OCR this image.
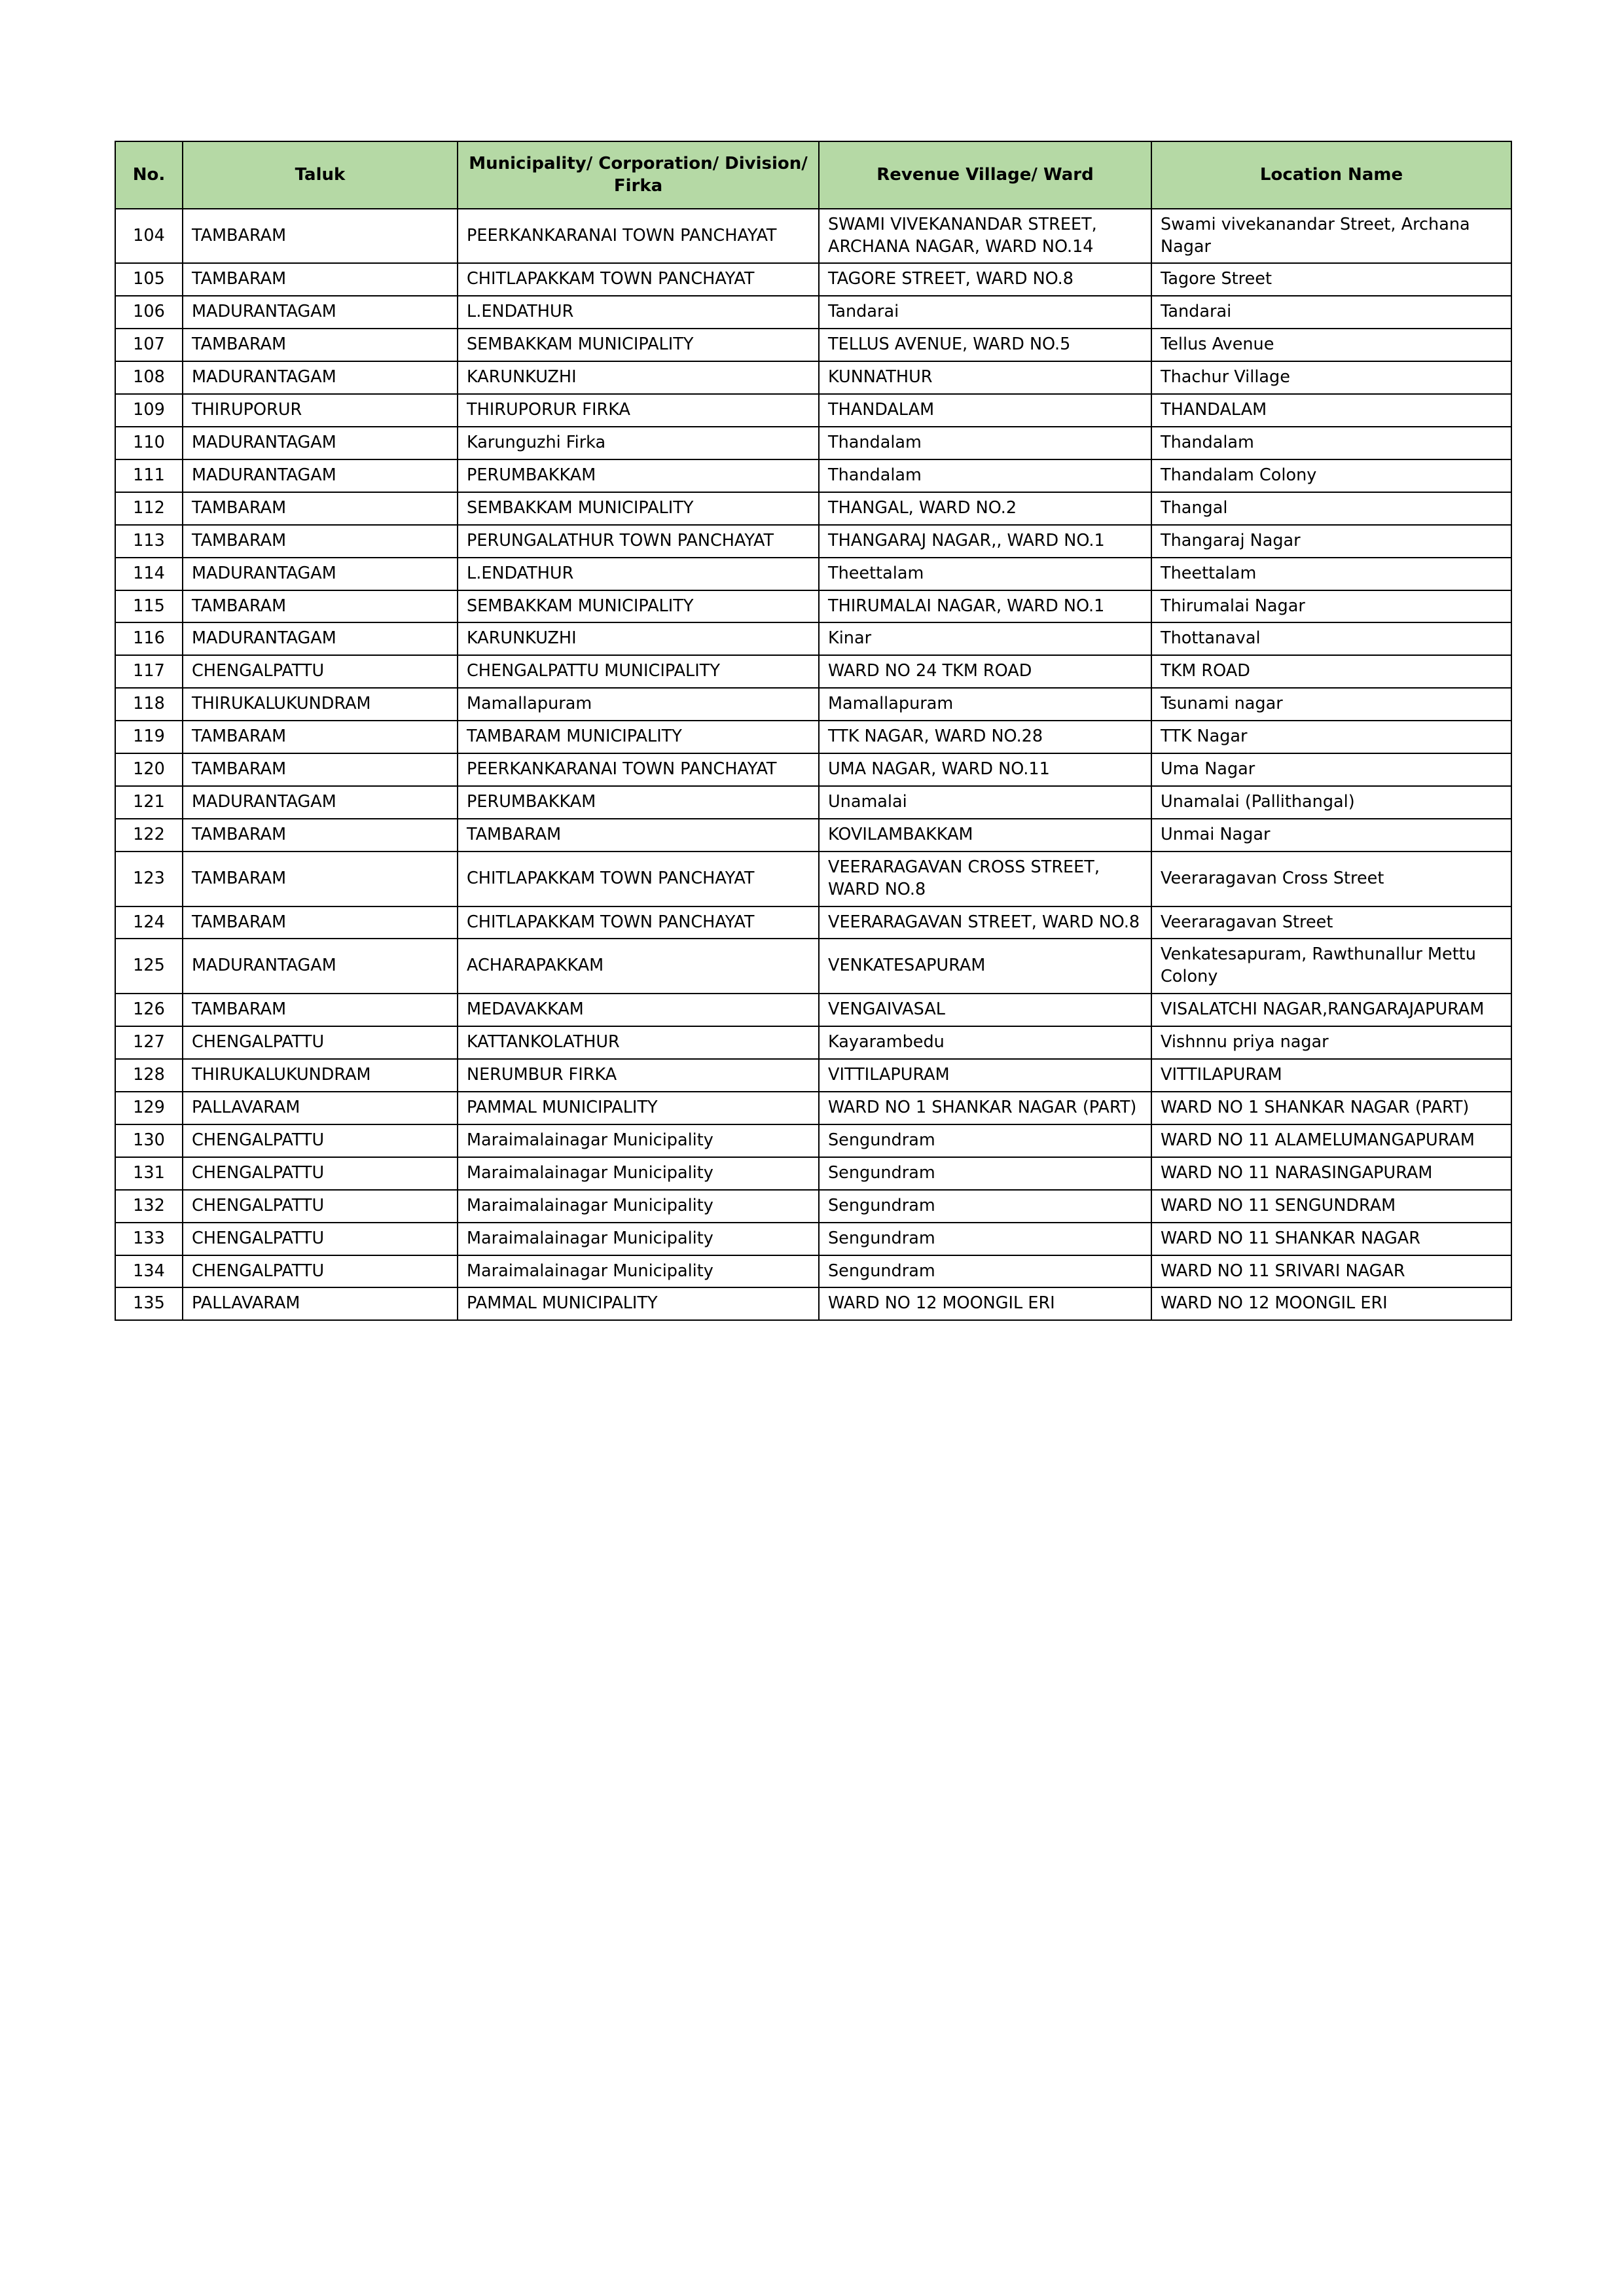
No.	Taluk	Municipality/ Corporation/ Division/ Firka	Revenue Village/ Ward	Location Name
104	TAMBARAM	PEERKANKARANAI TOWN PANCHAYAT	SWAMI VIVEKANANDAR STREET, ARCHANA NAGAR, WARD NO.14	Swami vivekanandar Street, Archana Nagar
105	TAMBARAM	CHITLAPAKKAM TOWN PANCHAYAT	TAGORE STREET, WARD NO.8	Tagore Street
106	MADURANTAGAM	L.ENDATHUR	Tandarai	Tandarai
107	TAMBARAM	SEMBAKKAM MUNICIPALITY	TELLUS AVENUE, WARD NO.5	Tellus Avenue
108	MADURANTAGAM	KARUNKUZHI	KUNNATHUR	Thachur Village
109	THIRUPORUR	THIRUPORUR FIRKA	THANDALAM	THANDALAM
110	MADURANTAGAM	Karunguzhi Firka	Thandalam	Thandalam
111	MADURANTAGAM	PERUMBAKKAM	Thandalam	Thandalam Colony
112	TAMBARAM	SEMBAKKAM MUNICIPALITY	THANGAL, WARD NO.2	Thangal
113	TAMBARAM	PERUNGALATHUR TOWN PANCHAYAT	THANGARAJ NAGAR,, WARD NO.1	Thangaraj Nagar
114	MADURANTAGAM	L.ENDATHUR	Theettalam	Theettalam
115	TAMBARAM	SEMBAKKAM MUNICIPALITY	THIRUMALAI NAGAR, WARD NO.1	Thirumalai Nagar
116	MADURANTAGAM	KARUNKUZHI	Kinar	Thottanaval
117	CHENGALPATTU	CHENGALPATTU MUNICIPALITY	WARD NO 24 TKM ROAD	TKM ROAD
118	THIRUKALUKUNDRAM	Mamallapuram	Mamallapuram	Tsunami nagar
119	TAMBARAM	TAMBARAM MUNICIPALITY	TTK NAGAR, WARD NO.28	TTK Nagar
120	TAMBARAM	PEERKANKARANAI TOWN PANCHAYAT	UMA NAGAR, WARD NO.11	Uma Nagar
121	MADURANTAGAM	PERUMBAKKAM	Unamalai	Unamalai (Pallithangal)
122	TAMBARAM	TAMBARAM	KOVILAMBAKKAM	Unmai Nagar
123	TAMBARAM	CHITLAPAKKAM TOWN PANCHAYAT	VEERARAGAVAN CROSS STREET, WARD NO.8	Veeraragavan Cross Street
124	TAMBARAM	CHITLAPAKKAM TOWN PANCHAYAT	VEERARAGAVAN STREET, WARD NO.8	Veeraragavan Street
125	MADURANTAGAM	ACHARAPAKKAM	VENKATESAPURAM	Venkatesapuram, Rawthunallur Mettu Colony
126	TAMBARAM	MEDAVAKKAM	VENGAIVASAL	VISALATCHI NAGAR,RANGARAJAPURAM
127	CHENGALPATTU	KATTANKOLATHUR	Kayarambedu	Vishnnu priya nagar
128	THIRUKALUKUNDRAM	NERUMBUR FIRKA	VITTILAPURAM	VITTILAPURAM
129	PALLAVARAM	PAMMAL MUNICIPALITY	WARD NO 1 SHANKAR NAGAR (PART)	WARD NO 1 SHANKAR NAGAR (PART)
130	CHENGALPATTU	Maraimalainagar Municipality	Sengundram	WARD NO 11 ALAMELUMANGAPURAM
131	CHENGALPATTU	Maraimalainagar Municipality	Sengundram	WARD NO 11 NARASINGAPURAM
132	CHENGALPATTU	Maraimalainagar Municipality	Sengundram	WARD NO 11 SENGUNDRAM
133	CHENGALPATTU	Maraimalainagar Municipality	Sengundram	WARD NO 11 SHANKAR NAGAR
134	CHENGALPATTU	Maraimalainagar Municipality	Sengundram	WARD NO 11 SRIVARI NAGAR
135	PALLAVARAM	PAMMAL MUNICIPALITY	WARD NO 12 MOONGIL ERI	WARD NO 12 MOONGIL ERI
